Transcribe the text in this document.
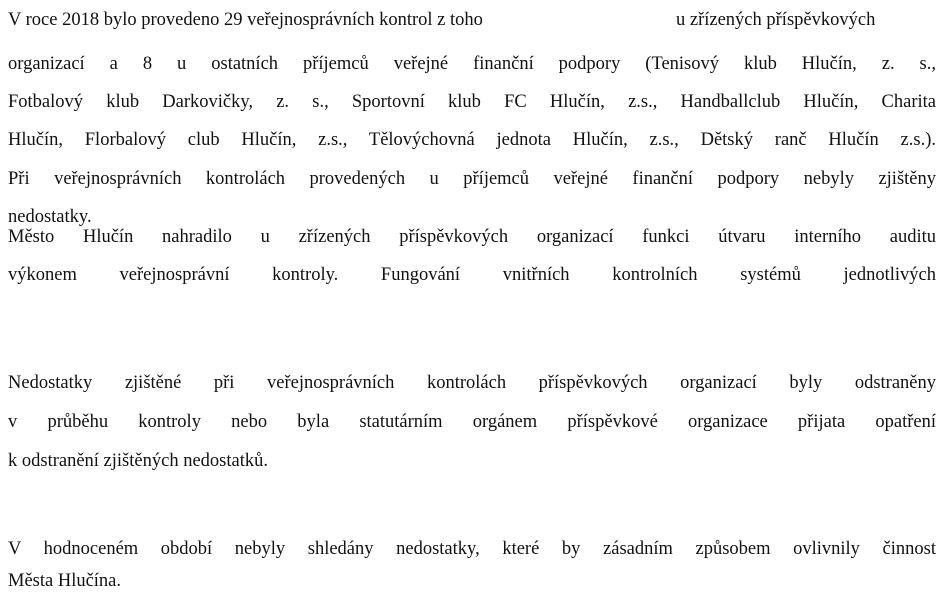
V roce 2018 bylo provedeno 29 veřejnosprávních kontrol z toho	u zřízených příspěvkových
organizací a 8 u ostatních příjemců veřejné finanční podpory (Tenisový klub Hlučín, z. s.,
Fotbalový klub Darkovičky, z. s., Sportovní klub FC Hlučín, z.s., Handballclub Hlučín, Charita
Hlučín, Florbalový club Hlučín, z.s., Tělovýchovná jednota Hlučín, z.s., Dětský ranč Hlučín z.s.).
Při veřejnosprávních kontrolách provedených u příjemců veřejné finanční podpory nebyly zjištěny
nedostatky.
Město Hlučín nahradilo u zřízených příspěvkových organizací funkci útvaru interního auditu
výkonem veřejnosprávní kontroly. Fungování vnitřních kontrolních systémů jednotlivých
Nedostatky zjištěné při veřejnosprávních kontrolách příspěvkových organizací byly odstraněny
v průběhu kontroly nebo byla statutárním orgánem příspěvkové organizace přijata opatření
k odstranění zjištěných nedostatků.
V hodnoceném období nebyly shledány nedostatky, které by zásadním způsobem ovlivnily činnost
Města Hlučína.
